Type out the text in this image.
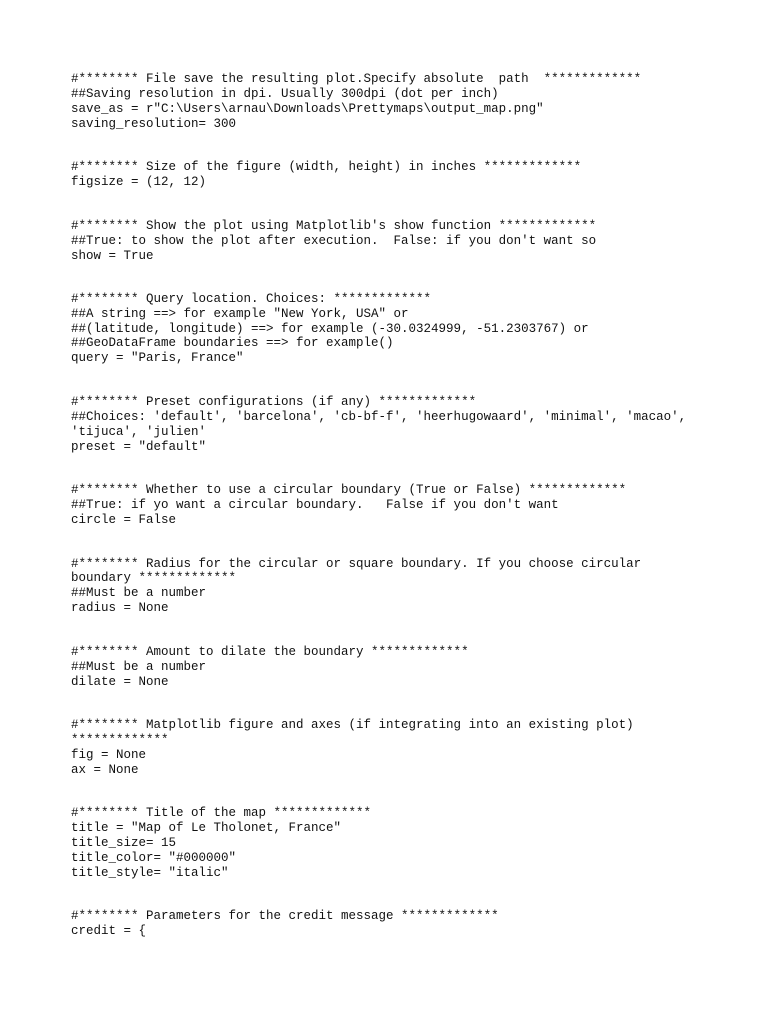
#******** File save the resulting plot.Specify absolute  path  *************
##Saving resolution in dpi. Usually 300dpi (dot per inch)
save_as = r"C:\Users\arnau\Downloads\Prettymaps\output_map.png"
saving_resolution= 300
#******** Size of the figure (width, height) in inches *************
figsize = (12, 12)
#******** Show the plot using Matplotlib's show function *************
##True: to show the plot after execution.  False: if you don't want so
show = True
#******** Query location. Choices: *************
##A string ==> for example "New York, USA" or
##(latitude, longitude) ==> for example (-30.0324999, -51.2303767) or
##GeoDataFrame boundaries ==> for example()
query = "Paris, France"
#******** Preset configurations (if any) *************
##Choices: 'default', 'barcelona', 'cb-bf-f', 'heerhugowaard', 'minimal', 'macao',
'tijuca', 'julien'
preset = "default"
#******** Whether to use a circular boundary (True or False) *************
##True: if yo want a circular boundary.   False if you don't want
circle = False
#******** Radius for the circular or square boundary. If you choose circular
boundary *************
##Must be a number
radius = None
#******** Amount to dilate the boundary *************
##Must be a number
dilate = None
#******** Matplotlib figure and axes (if integrating into an existing plot)
*************
fig = None
ax = None
#******** Title of the map *************
title = "Map of Le Tholonet, France"
title_size= 15
title_color= "#000000"
title_style= "italic"
#******** Parameters for the credit message *************
credit = {
